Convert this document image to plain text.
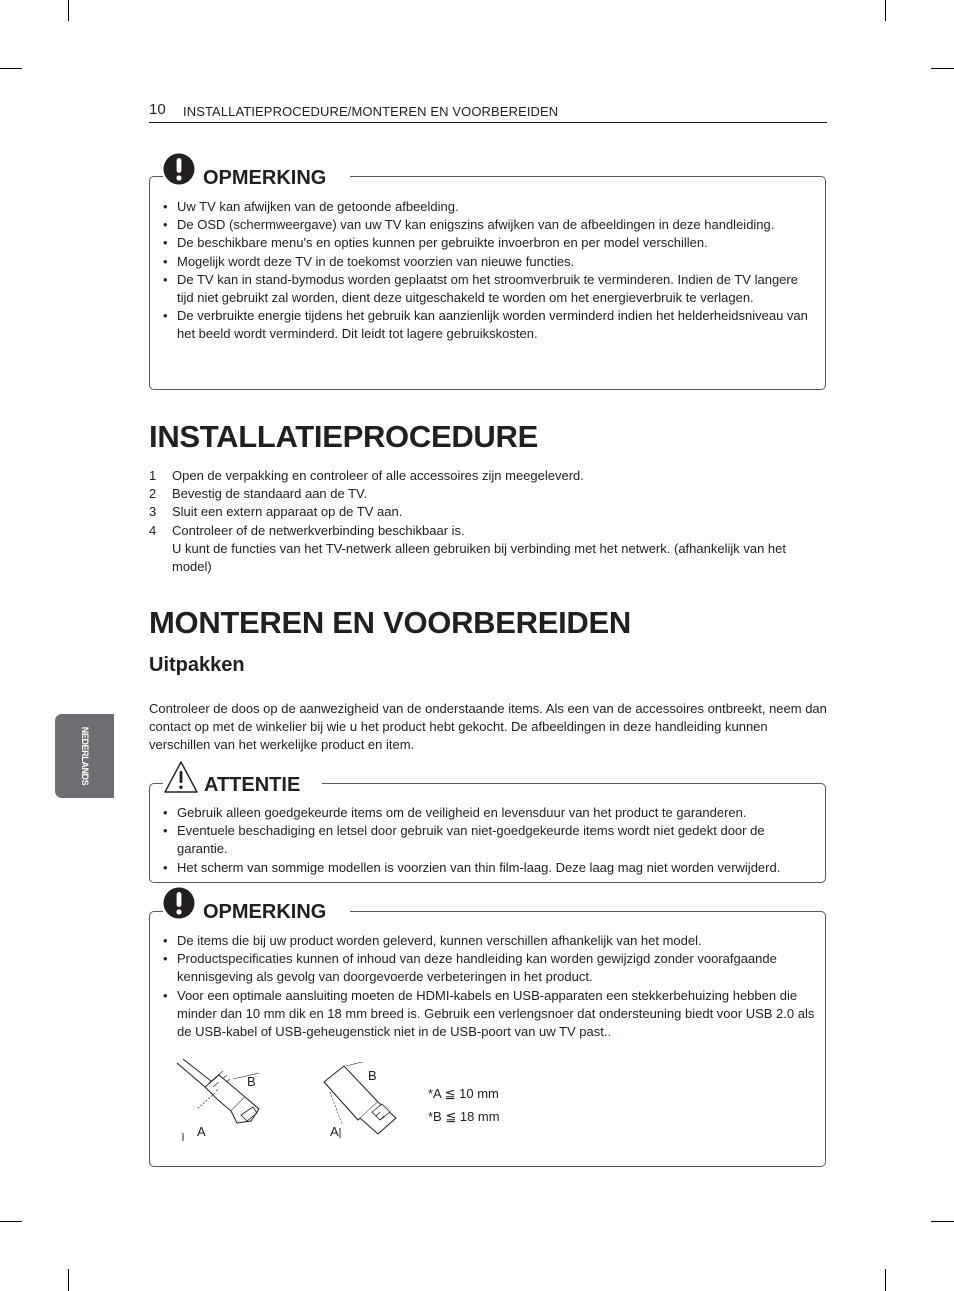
10 INSTALLATIEPROCEDURE/MONTEREN EN VOORBEREIDEN
NEDERLANDS
• Uw TV kan afwijken van de getoonde afbeelding.
• De OSD (schermweergave) van uw TV kan enigszins afwijken van de afbeeldingen in deze handleiding.
• De beschikbare menu's en opties kunnen per gebruikte invoerbron en per model verschillen.
• Mogelijk wordt deze TV in de toekomst voorzien van nieuwe functies.
• De TV kan in stand-bymodus worden geplaatst om het stroomverbruik te verminderen. Indien de TV langere tijd niet gebruikt zal worden, dient deze uitgeschakeld te worden om het energieverbruik te verlagen.
• De verbruikte energie tijdens het gebruik kan aanzienlijk worden verminderd indien het helderheidsniveau van het beeld wordt verminderd. Dit leidt tot lagere gebruikskosten.
OPMERKING
INSTALLATIEPROCEDURE
1 Open de verpakking en controleer of alle accessoires zijn meegeleverd.
2 Bevestig de standaard aan de TV.
3 Sluit een extern apparaat op de TV aan.
4 Controleer of de netwerkverbinding beschikbaar is.
U kunt de functies van het TV-netwerk alleen gebruiken bij verbinding met het netwerk. (afhankelijk van het model)
MONTEREN EN VOORBEREIDEN
Uitpakken

Controleer de doos op de aanwezigheid van de onderstaande items. Als een van de accessoires ontbreekt, neem dan contact op met de winkelier bij wie u het product hebt gekocht. De afbeeldingen in deze handleiding kunnen verschillen van het werkelijke product en item.

• Gebruik alleen goedgekeurde items om de veiligheid en levensduur van het product te garanderen.
• Eventuele beschadiging en letsel door gebruik van niet-goedgekeurde items wordt niet gedekt door de garantie.
• Het scherm van sommige modellen is voorzien van thin film-laag. Deze laag mag niet worden verwijderd.
ATTENTIE
• De items die bij uw product worden geleverd, kunnen verschillen afhankelijk van het model.
• Productspecificaties kunnen of inhoud van deze handleiding kan worden gewijzigd zonder voorafgaande kennisgeving als gevolg van doorgevoerde verbeteringen in het product.
• Voor een optimale aansluiting moeten de HDMI-kabels en USB-apparaten een stekkerbehuizing hebben die minder dan 10 mm dik en 18 mm breed is. Gebruik een verlengsnoer dat ondersteuning biedt voor USB 2.0 als de USB-kabel of USB-geheugenstick niet in de USB-poort van uw TV past..
B
A
B
A
*A ≦ 10 mm
*B ≦ 18 mm
OPMERKING
